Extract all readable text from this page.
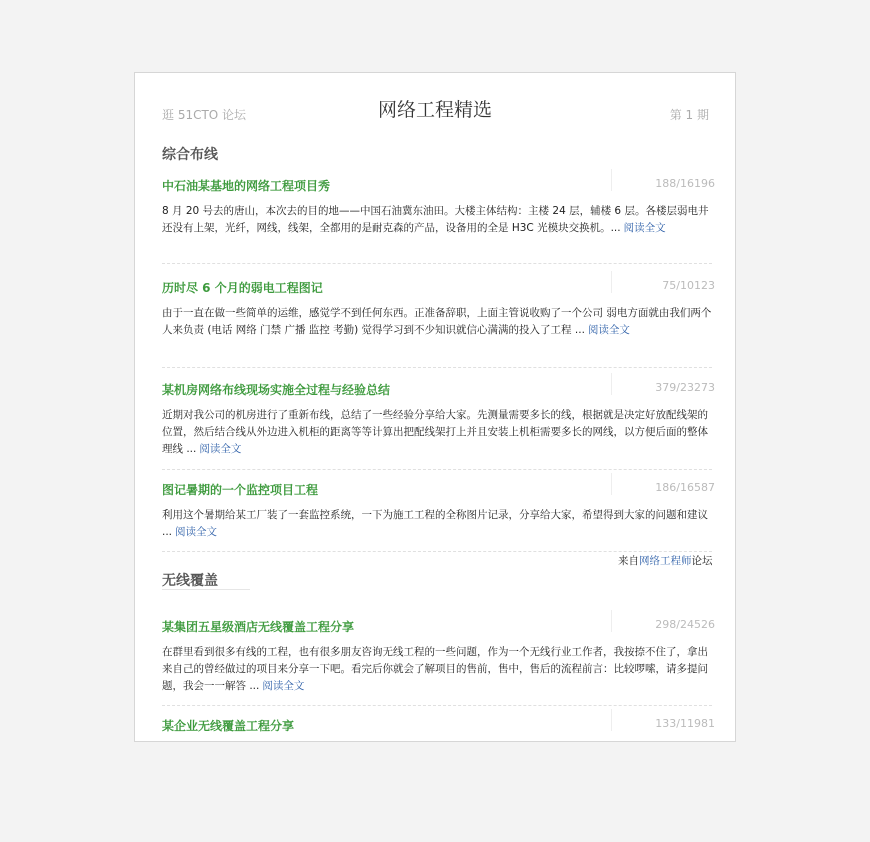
逛 51CTO 论坛	网络工程精选	第 1 期
综合布线
中石油某基地的网络工程项目秀	188/16196
8 月 20 号去的唐山，本次去的目的地——中国石油冀东油田。大楼主体结构：主楼 24 层，辅楼 6 层。各楼层弱电井还没有上架，光纤，网线，线架，全都用的是耐克森的产品，设备用的全是 H3C 光模块交换机。... 阅读全文
历时尽 6 个月的弱电工程图记	75/10123
由于一直在做一些简单的运维，感觉学不到任何东西。正准备辞职，上面主管说收购了一个公司 弱电方面就由我们两个人来负责 (电话 网络 门禁 广播 监控 考勤) 觉得学习到不少知识就信心满满的投入了工程 ... 阅读全文
某机房网络布线现场实施全过程与经验总结	379/23273
近期对我公司的机房进行了重新布线，总结了一些经验分享给大家。先测量需要多长的线，根据就是决定好放配线架的位置，然后结合线从外边进入机柜的距离等等计算出把配线架打上并且安装上机柜需要多长的网线，以方便后面的整体理线 ... 阅读全文
图记暑期的一个监控项目工程	186/16587
利用这个暑期给某工厂装了一套监控系统，一下为施工工程的全称图片记录，分享给大家，希望得到大家的问题和建议 ... 阅读全文
无线覆盖
某集团五星级酒店无线覆盖工程分享	298/24526
在群里看到很多有线的工程，也有很多朋友咨询无线工程的一些问题，作为一个无线行业工作者，我按捺不住了，拿出来自己的曾经做过的项目来分享一下吧。看完后你就会了解项目的售前，售中，售后的流程前言：比较啰嗦，请多提问题，我会一一解答 ... 阅读全文
某企业无线覆盖工程分享	133/11981
来自网络工程师论坛
